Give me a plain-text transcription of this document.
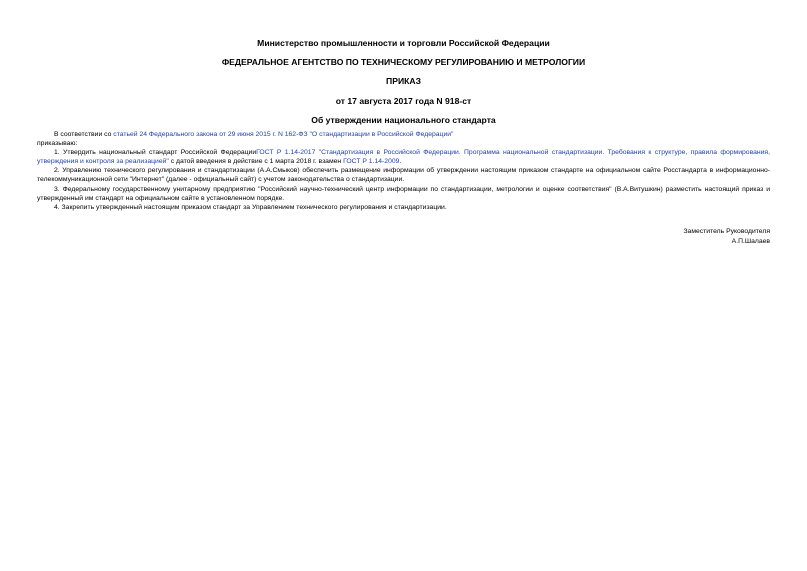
Министерство промышленности и торговли Российской Федерации
ФЕДЕРАЛЬНОЕ АГЕНТСТВО ПО ТЕХНИЧЕСКОМУ РЕГУЛИРОВАНИЮ И МЕТРОЛОГИИ
ПРИКАЗ
от 17 августа 2017 года N 918-ст
Об утверждении национального стандарта

В соответствии со статьей 24 Федерального закона от 29 июня 2015 г. N 162-ФЗ "О стандартизации в Российской Федерации"

приказываю:

1. Утвердить национальный стандарт Российской ФедерацииГОСТ Р 1.14-2017 "Стандартизация в Российской Федерации. Программа национальной стандартизации. Требования к структуре, правила формирования, утверждения и контроля за реализацией" с датой введения в действие с 1 марта 2018 г. взамен ГОСТ Р 1.14-2009.

2. Управлению технического регулирования и стандартизации (А.А.Смыков) обеспечить размещение информации об утверждении настоящим приказом стандарте на официальном сайте Росстандарта в информационно-телекоммуникационной сети "Интернет" (далее - официальный сайт) с учетом законодательства о стандартизации.

3. Федеральному государственному унитарному предприятию "Российский научно-технический центр информации по стандартизации, метрологии и оценке соответствия" (В.А.Витушкин) разместить настоящий приказ и утвержденный им стандарт на официальном сайте в установленном порядке.

4. Закрепить утвержденный настоящим приказом стандарт за Управлением технического регулирования и стандартизации.

Заместитель Руководителя
А.П.Шалаев
